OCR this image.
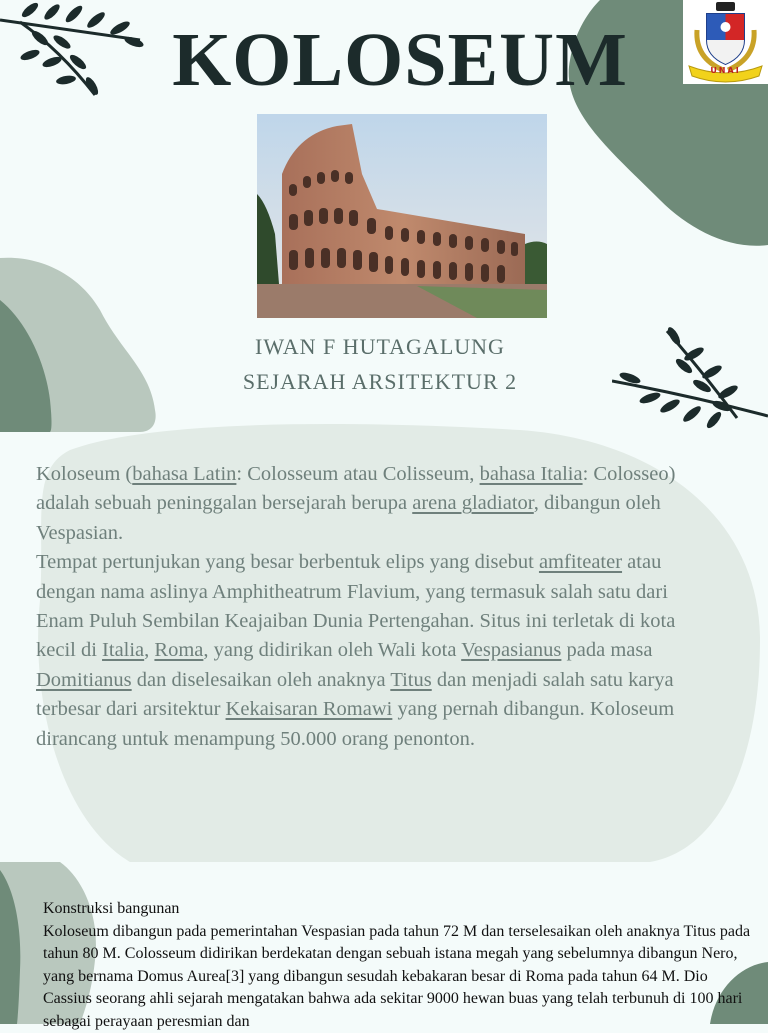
UNAI
KOLOSEUM
IWAN F HUTAGALUNG
SEJARAH ARSITEKTUR 2
Koloseum (bahasa Latin: Colosseum atau Colisseum, bahasa Italia: Colosseo) adalah sebuah peninggalan bersejarah berupa arena gladiator, dibangun oleh Vespasian.
Tempat pertunjukan yang besar berbentuk elips yang disebut amfiteater atau dengan nama aslinya Amphitheatrum Flavium, yang termasuk salah satu dari Enam Puluh Sembilan Keajaiban Dunia Pertengahan. Situs ini terletak di kota kecil di Italia, Roma, yang didirikan oleh Wali kota Vespasianus pada masa Domitianus dan diselesaikan oleh anaknya Titus dan menjadi salah satu karya terbesar dari arsitektur Kekaisaran Romawi yang pernah dibangun. Koloseum dirancang untuk menampung 50.000 orang penonton.
Konstruksi bangunan
Koloseum dibangun pada pemerintahan Vespasian pada tahun 72 M dan terselesaikan oleh anaknya Titus pada tahun 80 M. Colosseum didirikan berdekatan dengan sebuah istana megah yang sebelumnya dibangun Nero, yang bernama Domus Aurea[3] yang dibangun sesudah kebakaran besar di Roma pada tahun 64 M. Dio Cassius seorang ahli sejarah mengatakan bahwa ada sekitar 9000 hewan buas yang telah terbunuh di 100 hari sebagai perayaan peresmian dan
